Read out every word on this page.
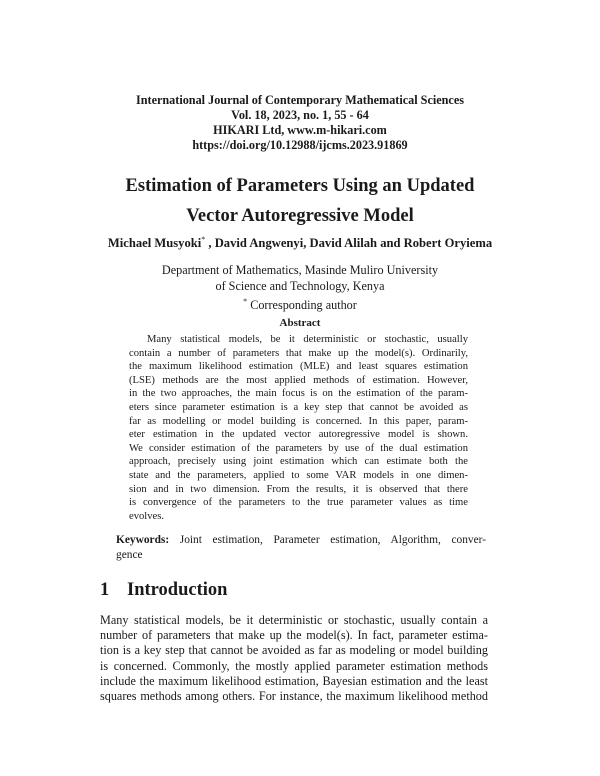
International Journal of Contemporary Mathematical Sciences
Vol. 18, 2023, no. 1, 55 - 64
HIKARI Ltd, www.m-hikari.com
https://doi.org/10.12988/ijcms.2023.91869
Estimation of Parameters Using an Updated
Vector Autoregressive Model
Michael Musyoki* , David Angwenyi, David Alilah and Robert Oryiema
Department of Mathematics, Masinde Muliro University
of Science and Technology, Kenya
* Corresponding author
Abstract
Many statistical models, be it deterministic or stochastic, usually
contain a number of parameters that make up the model(s). Ordinarily,
the maximum likelihood estimation (MLE) and least squares estimation
(LSE) methods are the most applied methods of estimation. However,
in the two approaches, the main focus is on the estimation of the param-
eters since parameter estimation is a key step that cannot be avoided as
far as modelling or model building is concerned. In this paper, param-
eter estimation in the updated vector autoregressive model is shown.
We consider estimation of the parameters by use of the dual estimation
approach, precisely using joint estimation which can estimate both the
state and the parameters, applied to some VAR models in one dimen-
sion and in two dimension. From the results, it is observed that there
is convergence of the parameters to the true parameter values as time
evolves.
Keywords: Joint estimation, Parameter estimation, Algorithm, conver-
gence
1 Introduction
Many statistical models, be it deterministic or stochastic, usually contain a
number of parameters that make up the model(s). In fact, parameter estima-
tion is a key step that cannot be avoided as far as modeling or model building
is concerned. Commonly, the mostly applied parameter estimation methods
include the maximum likelihood estimation, Bayesian estimation and the least
squares methods among others. For instance, the maximum likelihood method
